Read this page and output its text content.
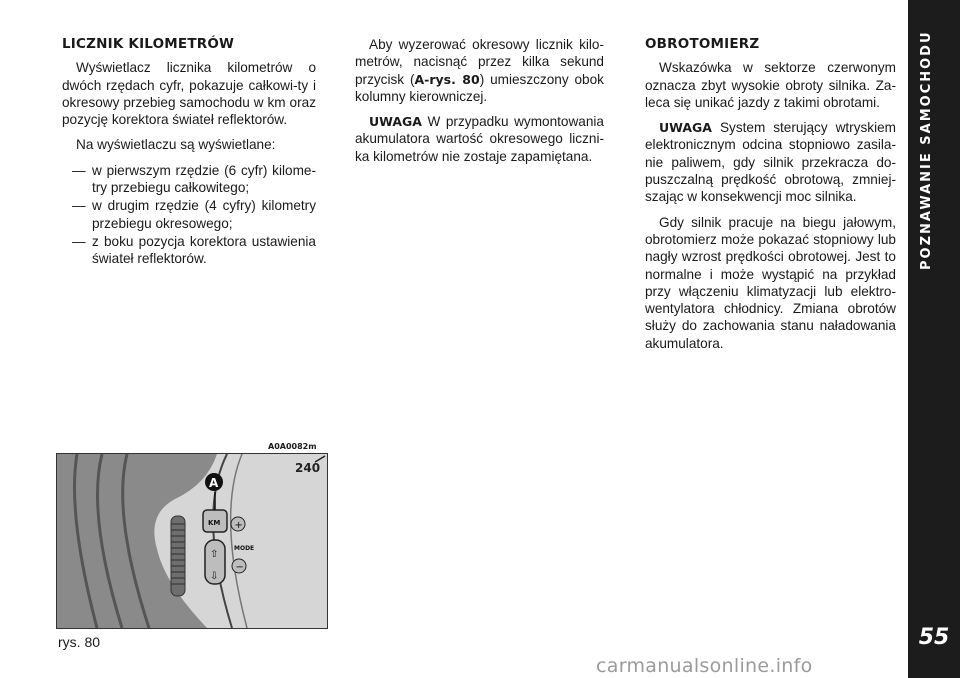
LICZNIK KILOMETRÓW

Wyświetlacz licznika kilometrów o dwóch rzędach cyfr, pokazuje całkowi-ty i okresowy przebieg samochodu w km oraz pozycję korektora świateł reflektorów.

Na wyświetlaczu są wyświetlane:

— w pierwszym rzędzie (6 cyfr) kilome-try przebiegu całkowitego;
— w drugim rzędzie (4 cyfry) kilometry przebiegu okresowego;
— z boku pozycja korektora ustawienia świateł reflektorów.

Aby wyzerować okresowy licznik kilo-metrów, nacisnąć przez kilka sekund przycisk (A-rys. 80) umieszczony obok kolumny kierowniczej.

UWAGA W przypadku wymontowania akumulatora wartość okresowego liczni-ka kilometrów nie zostaje zapamiętana.

OBROTOMIERZ

Wskazówka w sektorze czerwonym oznacza zbyt wysokie obroty silnika. Za-leca się unikać jazdy z takimi obrotami.

UWAGA System sterujący wtryskiem elektronicznym odcina stopniowo zasila-nie paliwem, gdy silnik przekracza do-puszczalną prędkość obrotową, zmniej-szając w konsekwencji moc silnika.

Gdy silnik pracuje na biegu jałowym, obrotomierz może pokazać stopniowy lub nagły wzrost prędkości obrotowej. Jest to normalne i może wystąpić na przykład przy włączeniu klimatyzacji lub elektro-wentylatora chłodnicy. Zmiana obrotów służy do zachowania stanu naładowania akumulatora.

A0A0082m
240
KM +
−
MODE
⇧
⇩
A
rys. 80
POZNAWANIE SAMOCHODU
55
carmanualsonline.info
